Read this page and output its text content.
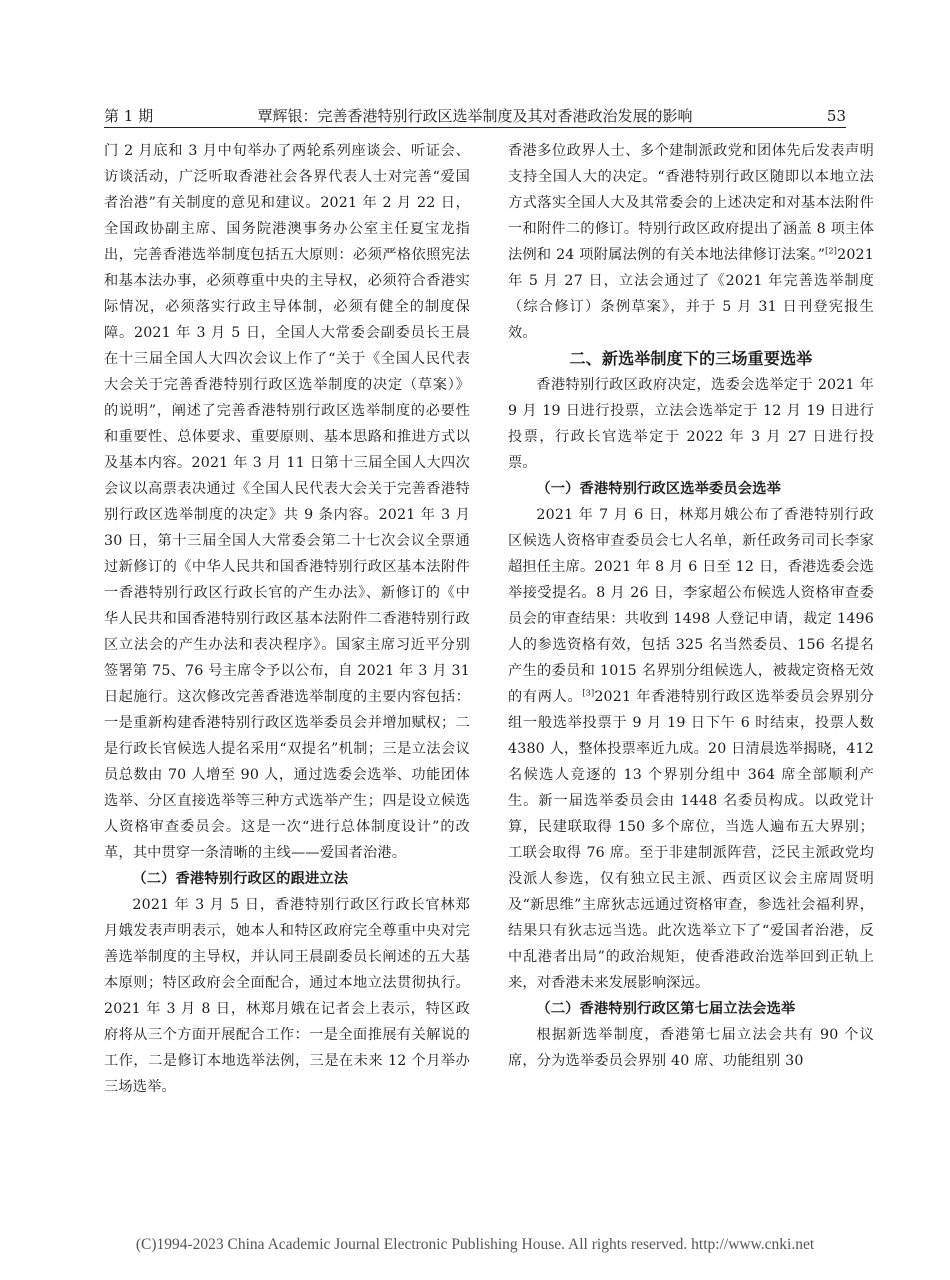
第 1 期	覃辉银：完善香港特别行政区选举制度及其对香港政治发展的影响	53

门 2 月底和 3 月中旬举办了两轮系列座谈会、听证会、访谈活动，广泛听取香港社会各界代表人士对完善“爱国者治港”有关制度的意见和建议。2021 年 2 月 22 日，全国政协副主席、国务院港澳事务办公室主任夏宝龙指出，完善香港选举制度包括五大原则：必须严格依照宪法和基本法办事，必须尊重中央的主导权，必须符合香港实际情况，必须落实行政主导体制，必须有健全的制度保障。2021 年 3 月 5 日，全国人大常委会副委员长王晨在十三届全国人大四次会议上作了“关于《全国人民代表大会关于完善香港特别行政区选举制度的决定（草案）》的说明”，阐述了完善香港特别行政区选举制度的必要性和重要性、总体要求、重要原则、基本思路和推进方式以及基本内容。2021 年 3 月 11 日第十三届全国人大四次会议以高票表决通过《全国人民代表大会关于完善香港特别行政区选举制度的决定》共 9 条内容。2021 年 3 月 30 日，第十三届全国人大常委会第二十七次会议全票通过新修订的《中华人民共和国香港特别行政区基本法附件一香港特别行政区行政长官的产生办法》、新修订的《中华人民共和国香港特别行政区基本法附件二香港特别行政区立法会的产生办法和表决程序》。国家主席习近平分别签署第 75、76 号主席令予以公布，自 2021 年 3 月 31 日起施行。这次修改完善香港选举制度的主要内容包括：一是重新构建香港特别行政区选举委员会并增加赋权；二是行政长官候选人提名采用“双提名”机制；三是立法会议员总数由 70 人增至 90 人，通过选委会选举、功能团体选举、分区直接选举等三种方式选举产生；四是设立候选人资格审查委员会。这是一次“进行总体制度设计”的改革，其中贯穿一条清晰的主线——爱国者治港。

（二）香港特别行政区的跟进立法

2021 年 3 月 5 日，香港特别行政区行政长官林郑月娥发表声明表示，她本人和特区政府完全尊重中央对完善选举制度的主导权，并认同王晨副委员长阐述的五大基本原则；特区政府会全面配合，通过本地立法贯彻执行。2021 年 3 月 8 日，林郑月娥在记者会上表示，特区政府将从三个方面开展配合工作：一是全面推展有关解说的工作，二是修订本地选举法例，三是在未来 12 个月举办三场选举。

香港多位政界人士、多个建制派政党和团体先后发表声明支持全国人大的决定。“香港特别行政区随即以本地立法方式落实全国人大及其常委会的上述决定和对基本法附件一和附件二的修订。特别行政区政府提出了涵盖 8 项主体法例和 24 项附属法例的有关本地法律修订法案。”[2]2021 年 5 月 27 日，立法会通过了《2021 年完善选举制度（综合修订）条例草案》，并于 5 月 31 日刊登宪报生效。

二、新选举制度下的三场重要选举

香港特别行政区政府决定，选委会选举定于 2021 年 9 月 19 日进行投票，立法会选举定于 12 月 19 日进行投票，行政长官选举定于 2022 年 3 月 27 日进行投票。

（一）香港特别行政区选举委员会选举

2021 年 7 月 6 日，林郑月娥公布了香港特别行政区候选人资格审查委员会七人名单，新任政务司司长李家超担任主席。2021 年 8 月 6 日至 12 日，香港选委会选举接受提名。8 月 26 日，李家超公布候选人资格审查委员会的审查结果：共收到 1498 人登记申请，裁定 1496 人的参选资格有效，包括 325 名当然委员、156 名提名产生的委员和 1015 名界别分组候选人，被裁定资格无效的有两人。[3]2021 年香港特别行政区选举委员会界别分组一般选举投票于 9 月 19 日下午 6 时结束，投票人数 4380 人，整体投票率近九成。20 日清晨选举揭晓，412 名候选人竞逐的 13 个界别分组中 364 席全部顺利产生。新一届选举委员会由 1448 名委员构成。以政党计算，民建联取得 150 多个席位，当选人遍布五大界别；工联会取得 76 席。至于非建制派阵营，泛民主派政党均没派人参选，仅有独立民主派、西贡区议会主席周贤明及“新思维”主席狄志远通过资格审查，参选社会福利界，结果只有狄志远当选。此次选举立下了“爱国者治港，反中乱港者出局”的政治规矩，使香港政治选举回到正轨上来，对香港未来发展影响深远。

（二）香港特别行政区第七届立法会选举

根据新选举制度，香港第七届立法会共有 90 个议席，分为选举委员会界别 40 席、功能组别 30

(C)1994-2023 China Academic Journal Electronic Publishing House. All rights reserved. http://www.cnki.net
